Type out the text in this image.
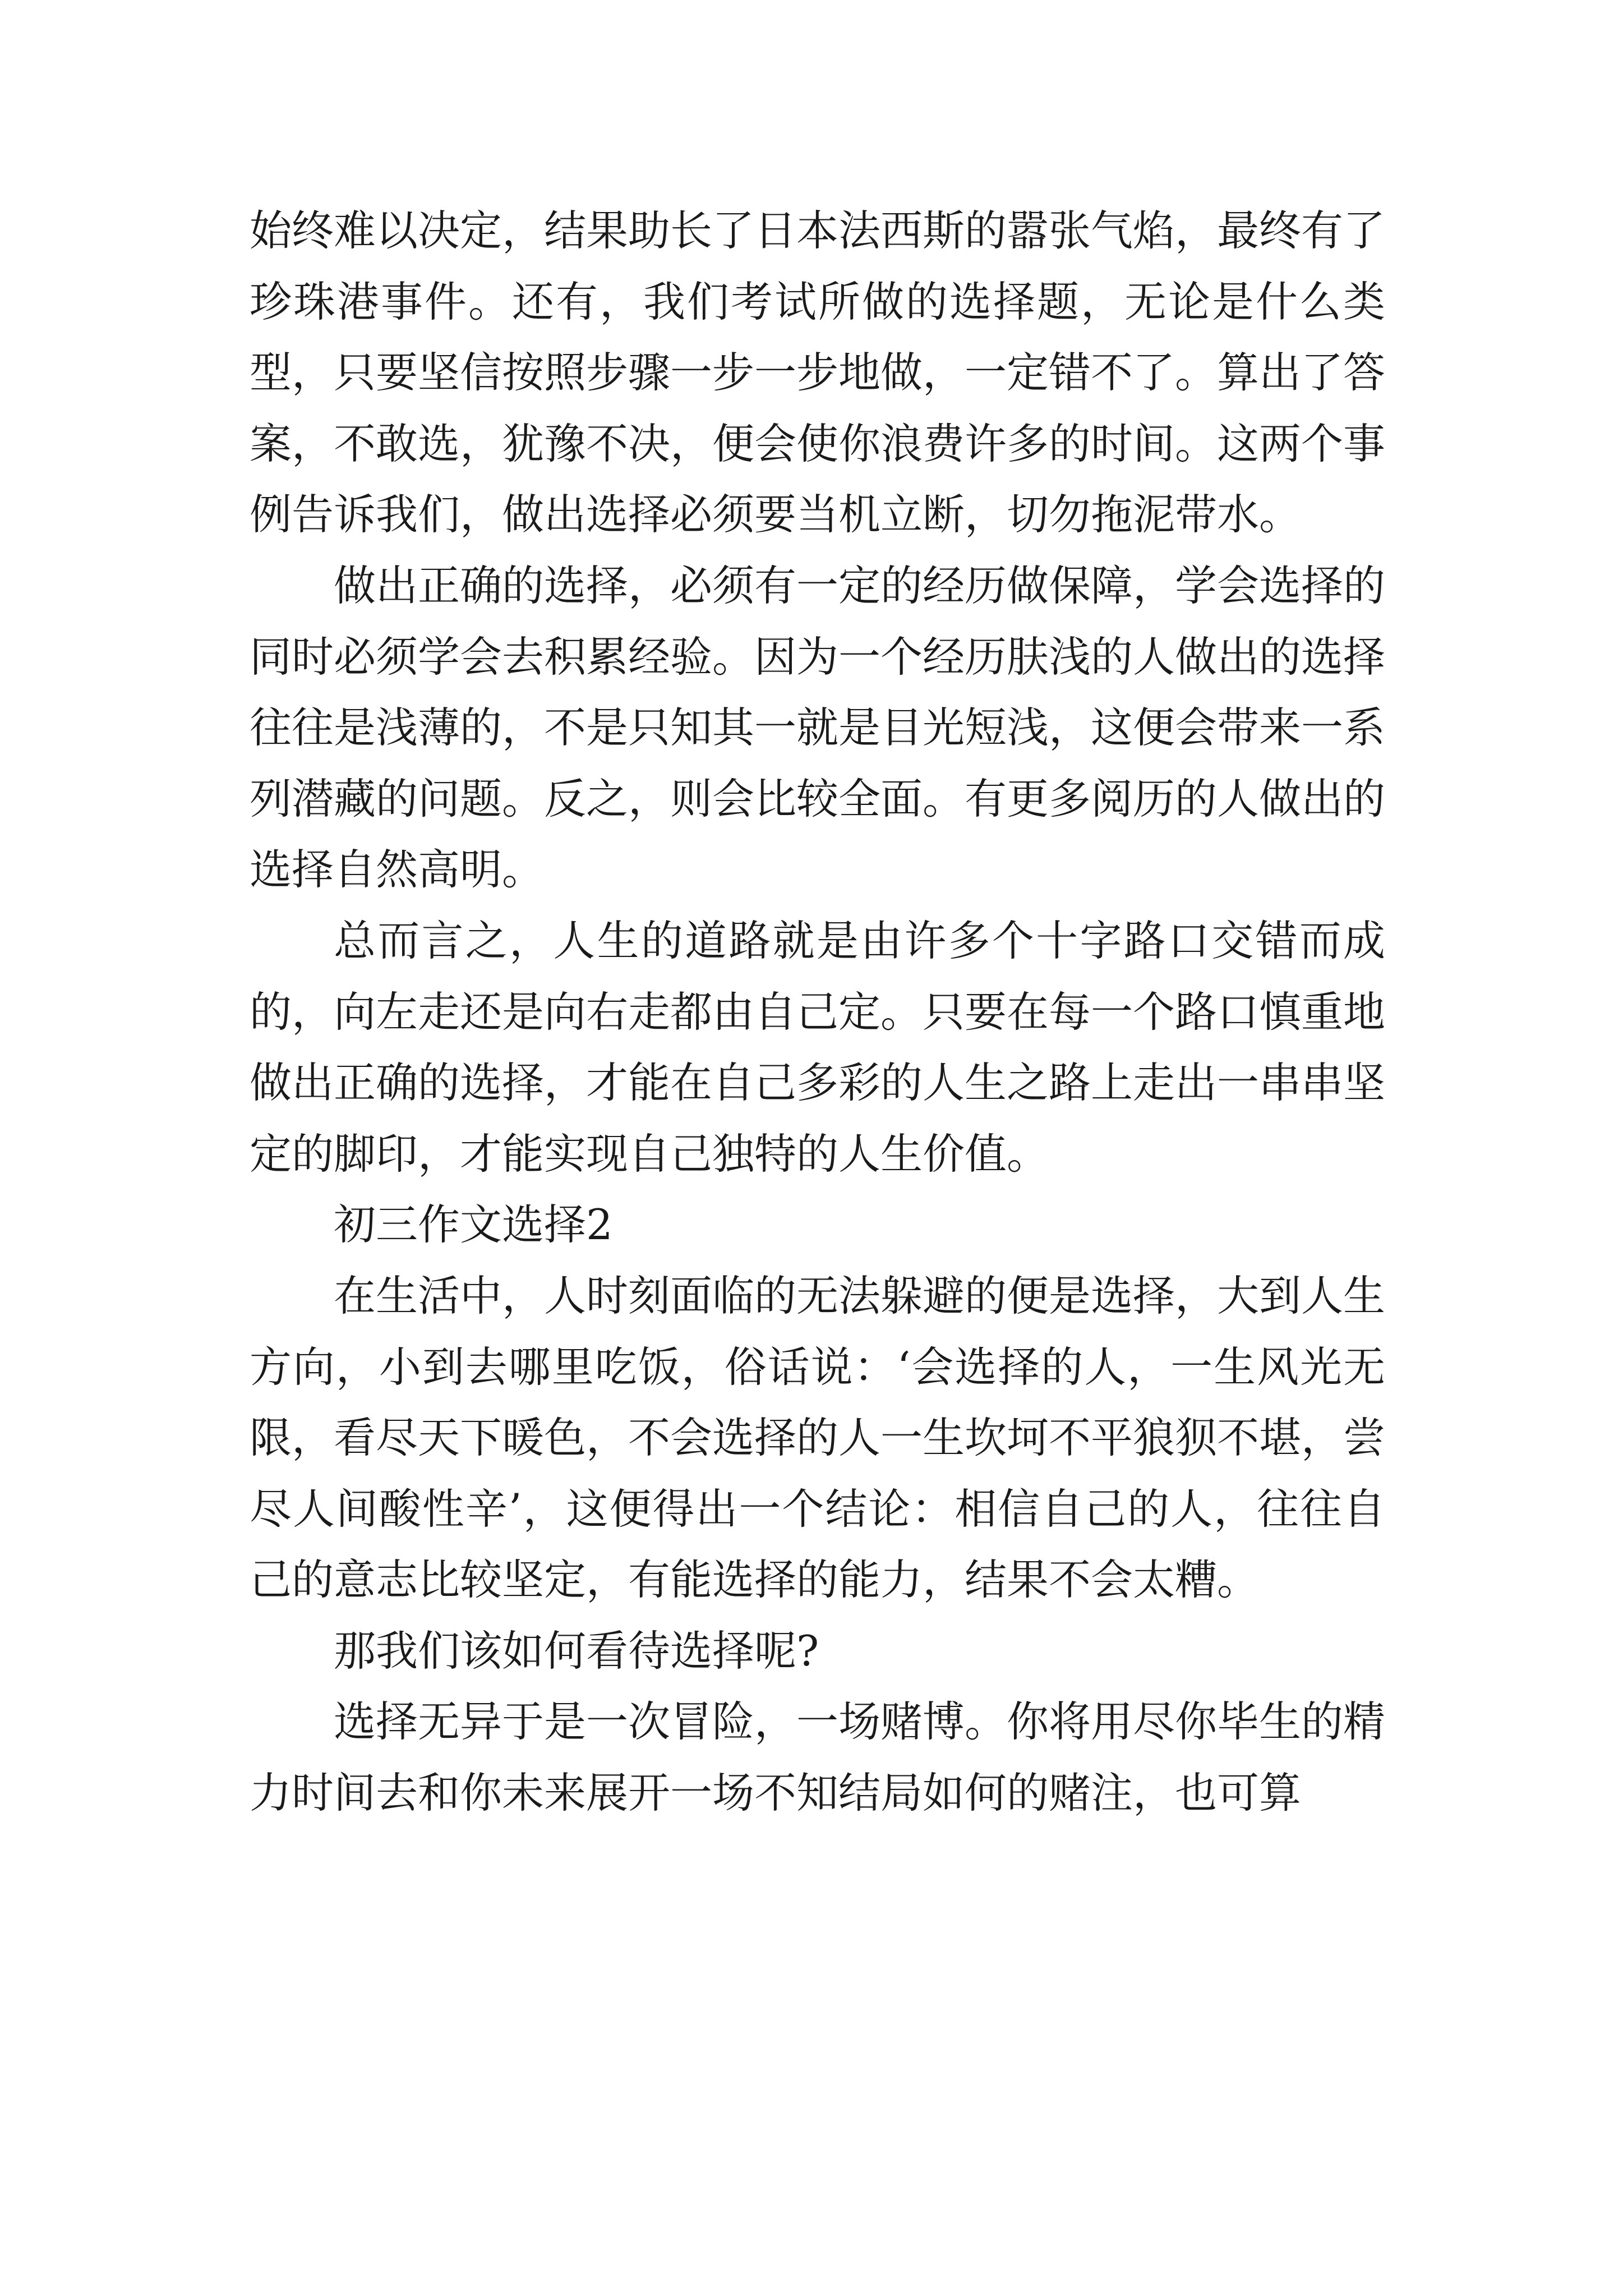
始终难以决定，结果助长了日本法西斯的嚣张气焰，最终有了珍珠港事件。还有，我们考试所做的选择题，无论是什么类型，只要坚信按照步骤一步一步地做，一定错不了。算出了答案，不敢选，犹豫不决，便会使你浪费许多的时间。这两个事例告诉我们，做出选择必须要当机立断，切勿拖泥带水。

做出正确的选择，必须有一定的经历做保障，学会选择的同时必须学会去积累经验。因为一个经历肤浅的人做出的选择往往是浅薄的，不是只知其一就是目光短浅，这便会带来一系列潜藏的问题。反之，则会比较全面。有更多阅历的人做出的选择自然高明。

总而言之，人生的道路就是由许多个十字路口交错而成的，向左走还是向右走都由自己定。只要在每一个路口慎重地做出正确的选择，才能在自己多彩的人生之路上走出一串串坚定的脚印，才能实现自己独特的人生价值。

初三作文选择2

在生活中，人时刻面临的无法躲避的便是选择，大到人生方向，小到去哪里吃饭，俗话说：‘会选择的人，一生风光无限，看尽天下暖色，不会选择的人一生坎坷不平狼狈不堪，尝尽人间酸性辛’，这便得出一个结论：相信自己的人，往往自己的意志比较坚定，有能选择的能力，结果不会太糟。

那我们该如何看待选择呢?

选择无异于是一次冒险，一场赌博。你将用尽你毕生的精力时间去和你未来展开一场不知结局如何的赌注，也可算
